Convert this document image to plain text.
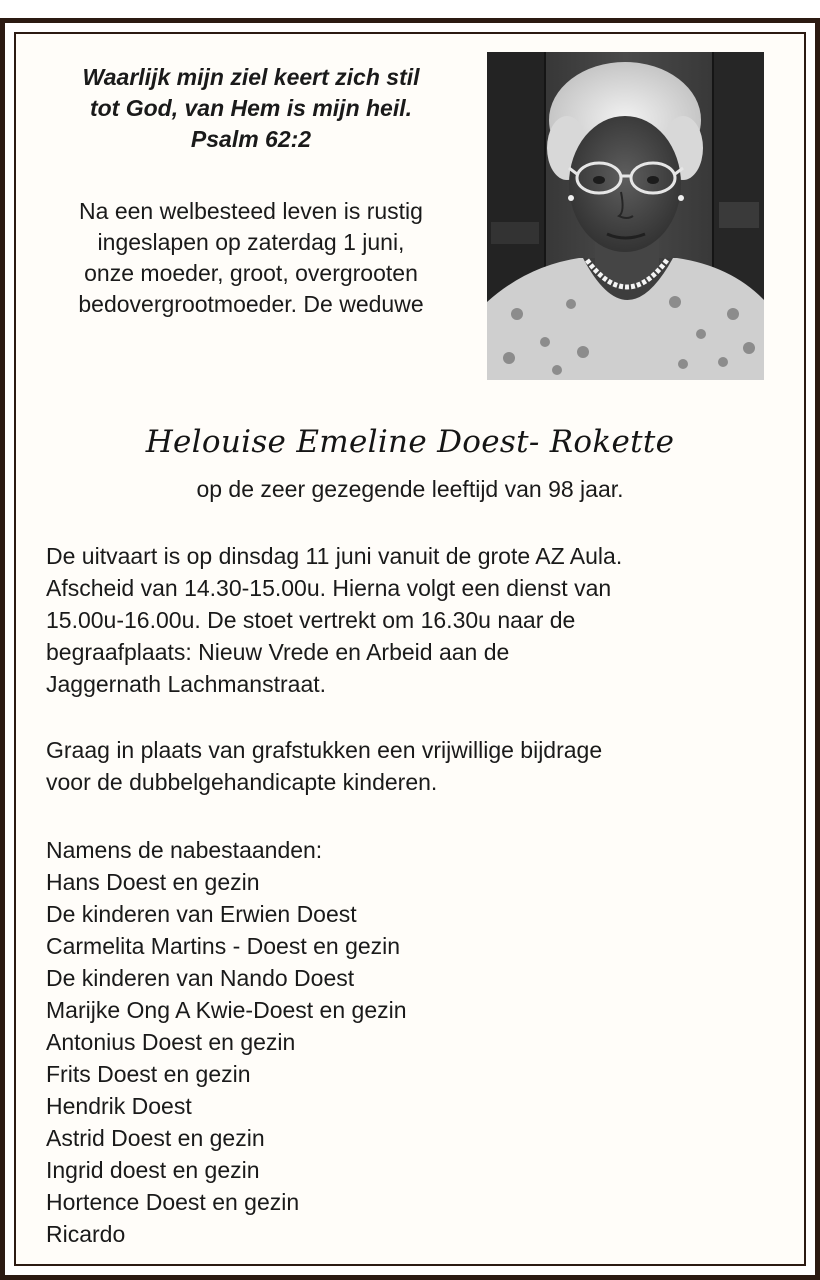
Waarlijk mijn ziel keert zich stil
tot God, van Hem is mijn heil.
Psalm 62:2
Na een welbesteed leven is rustig
ingeslapen op zaterdag 1 juni,
onze moeder, groot, overgrooten
bedovergrootmoeder. De weduwe
Helouise Emeline Doest- Rokette
op de zeer gezegende leeftijd van 98 jaar.
De uitvaart is op dinsdag 11 juni vanuit de grote AZ Aula.
Afscheid van 14.30-15.00u. Hierna volgt een dienst van
15.00u-16.00u. De stoet vertrekt om 16.30u naar de
begraafplaats: Nieuw Vrede en Arbeid aan de
Jaggernath Lachmanstraat.
Graag in plaats van grafstukken een vrijwillige bijdrage
voor de dubbelgehandicapte kinderen.
Namens de nabestaanden:
Hans Doest en gezin
De kinderen van Erwien Doest
Carmelita Martins - Doest en gezin
De kinderen van Nando Doest
Marijke Ong A Kwie-Doest en gezin
Antonius Doest en gezin
Frits Doest en gezin
Hendrik Doest
Astrid Doest en gezin
Ingrid doest en gezin
Hortence Doest en gezin
Ricardo
